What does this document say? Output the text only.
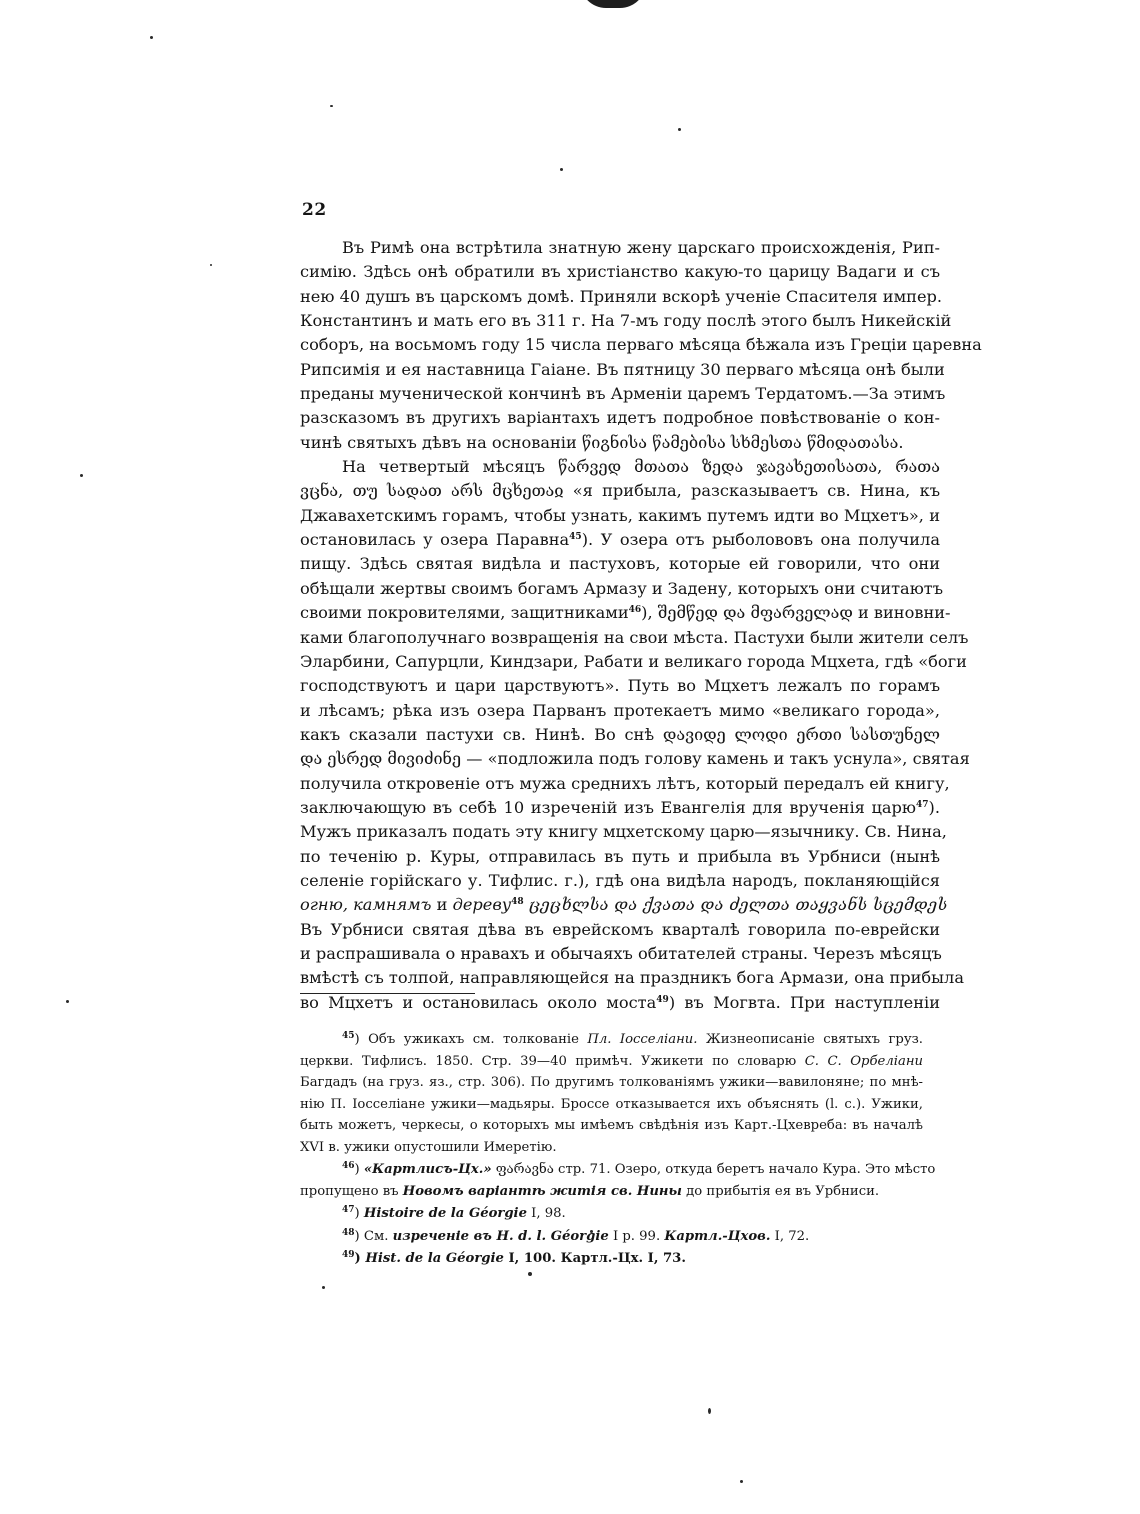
22

Въ Римѣ она встрѣтила знатную жену царскаго происхожденія, Рип-
симію. Здѣсь онѣ обратили въ христіанство какую-то царицу Вадаги и съ
нею 40 душъ въ царскомъ домѣ. Приняли вскорѣ ученіе Спасителя импер.
Константинъ и мать его въ 311 г. На 7-мъ году послѣ этого былъ Никейскій
соборъ, на восьмомъ году 15 числа перваго мѣсяца бѣжала изъ Греціи царевна
Рипсимія и ея наставница Гаiане. Въ пятницу 30 перваго мѣсяца онѣ были
преданы мученической кончинѣ въ Арменіи царемъ Тердатомъ.—За этимъ
разсказомъ въ другихъ варіантахъ идетъ подробное повѣствованіе о кон-
чинѣ святыхъ дѣвъ на основаніи წიგნისა წამებისა სხმესთა წმიდათასა.

На четвертый мѣсяцъ წარვედ მთათა ზედა ჯავახეთისათა, რათა
ვცნა, თუ სადათ არს მცხეთაჲ «я прибыла, разсказываетъ св. Нина, къ
Джавахетскимъ горамъ, чтобы узнать, какимъ путемъ идти во Мцхетъ», и
остановилась у озера Паравна$^{45}$). У озера отъ рыболововъ она получила
пищу. Здѣсь святая видѣла и пастуховъ, которые ей говорили, что они
обѣщали жертвы своимъ богамъ Армазу и Задену, которыхъ они считаютъ
своими покровителями, защитниками$^{46}$), შემწედ და მფარველად и виновни-
ками благополучнаго возвращенія на свои мѣста. Пастухи были жители селъ
Эларбини, Сапурцли, Киндзари, Рабати и великаго города Мцхета, гдѣ «боги
господствуютъ и цари царствуютъ». Путь во Мцхетъ лежалъ по горамъ
и лѣсамъ; рѣка изъ озера Парванъ протекаетъ мимо «великаго города»,
какъ сказали пастухи св. Нинѣ. Во снѣ დავიდე ლოდი ერთი სასთუნელ
და ესრედ მივიძინე — «подложила подъ голову камень и такъ уснула», святая
получила откровеніе отъ мужа среднихъ лѣтъ, который передалъ ей книгу,
заключающую въ себѣ 10 изреченій изъ Евангелія для врученія царю$^{47}$).
Мужъ приказалъ подать эту книгу мцхетскому царю—язычнику. Св. Нина,
по теченію р. Куры, отправилась въ путь и прибыла въ Урбниси (нынѣ
селеніе горійскаго у. Тифлис. г.), гдѣ она видѣла народъ, покланяющійся
огню, камнямъ и дереву$^{48}$ ცეცხლსა და ქვათა და ძელთა თაყვანს სცემდეს
Въ Урбниси святая дѣва въ еврейскомъ кварталѣ говорила по-еврейски
и распрашивала о нравахъ и обычаяхъ обитателей страны. Черезъ мѣсяцъ
вмѣстѣ съ толпой, направляющейся на праздникъ бога Армази, она прибыла
во Мцхетъ и остановилась около моста$^{49}$) въ Могвта. При наступленіи

$^{45}$) Объ ужикахъ см. толкованіе Пл. Іосселіани. Жизнеописаніе святыхъ груз.
церкви. Тифлисъ. 1850. Стр. 39—40 примѣч. Ужикети по словарю С. С. Орбеліани
Багдадъ (на груз. яз., стр. 306). По другимъ толкованіямъ ужики—вавилоняне; по мнѣ-
нію П. Іосселіане ужики—мадьяры. Броссе отказывается ихъ объяснять (l. c.). Ужики,
быть можетъ, черкесы, о которыхъ мы имѣемъ свѣдѣнія изъ Карт.-Цхевреба: въ началѣ
XVI в. ужики опустошили Имеретію.
$^{46}$) «Картлисъ-Цх.» ფარავნა стр. 71. Озеро, откуда беретъ начало Кура. Это мѣсто
пропущено въ Новомъ варіантѣ житія св. Нины до прибытія ея въ Урбниси.
$^{47}$) Histoire de la Géorgie I, 98.
$^{48}$) См. изреченіе въ H. d. l. Géorgie I p. 99. Картл.-Цхов. I, 72.
$^{49}$) Hist. de la Géorgie I, 100. Картл.-Цх. I, 73.
